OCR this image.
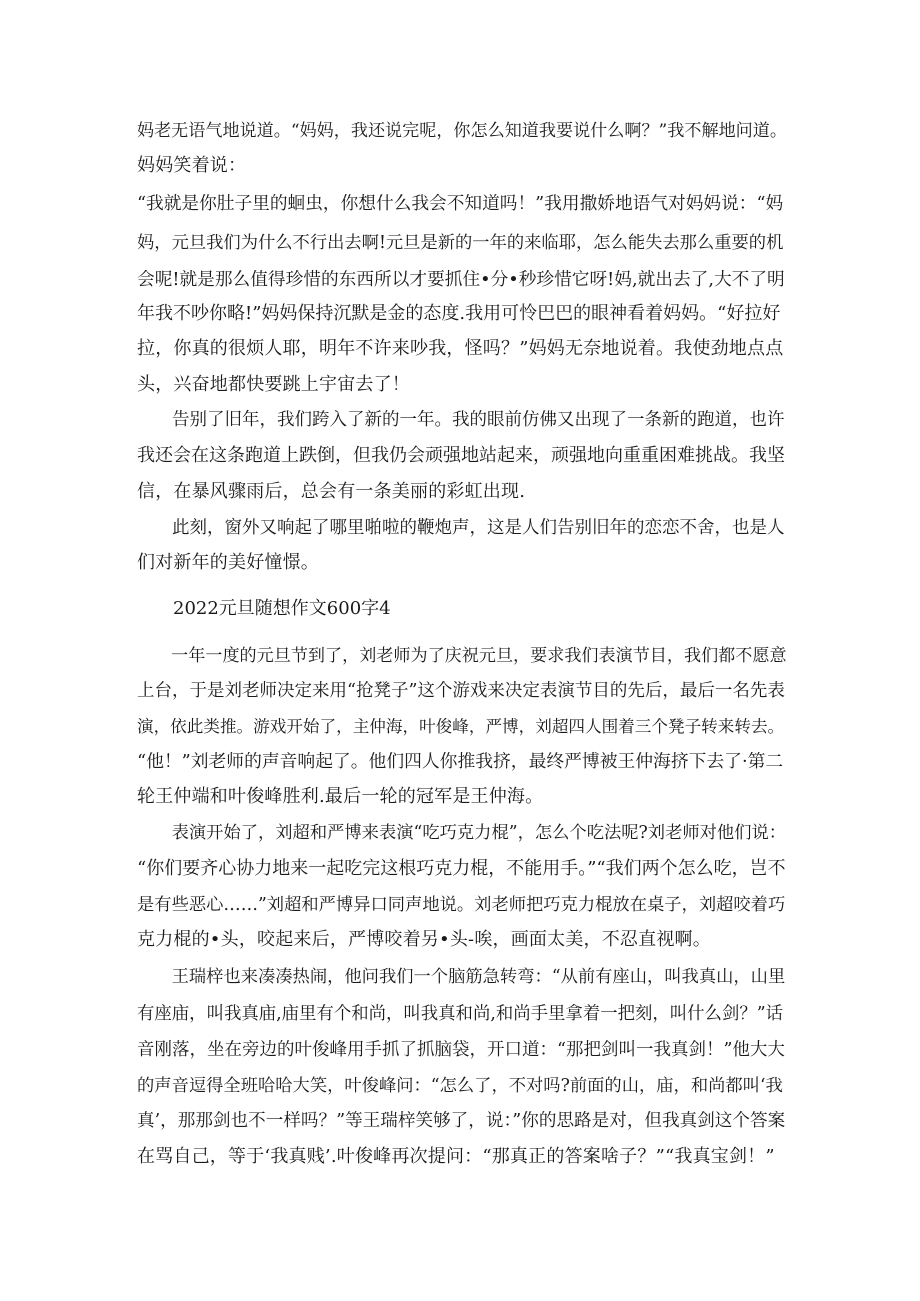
妈老无语气地说道。“妈妈，我还说完呢，你怎么知道我要说什么啊？”我不解地问道。
妈妈笑着说：
“我就是你肚子里的蛔虫，你想什么我会不知道吗！”我用撒娇地语气对妈妈说：“妈
妈，元旦我们为什么不行出去啊!元旦是新的一年的来临耶，怎么能失去那么重要的机
会呢!就是那么值得珍惜的东西所以才要抓住•分•秒珍惜它呀!妈,就出去了,大不了明
年我不吵你略!”妈妈保持沉默是金的态度.我用可怜巴巴的眼神看着妈妈。“好拉好
拉，你真的很烦人耶，明年不许来吵我，怪吗？”妈妈无奈地说着。我使劲地点点
头，兴奋地都快要跳上宇宙去了！
　　告别了旧年，我们跨入了新的一年。我的眼前仿佛又出现了一条新的跑道，也许
我还会在这条跑道上跌倒，但我仍会顽强地站起来，顽强地向重重困难挑战。我坚
信，在暴风骤雨后，总会有一条美丽的彩虹出现.
　　此刻，窗外又响起了哪里啪啦的鞭炮声，这是人们告别旧年的恋恋不舍，也是人
们对新年的美好憧憬。
2022元旦随想作文600字4
　　一年一度的元旦节到了，刘老师为了庆祝元旦，要求我们表演节目，我们都不愿意
上台，于是刘老师决定来用“抢凳子”这个游戏来决定表演节目的先后，最后一名先表
演，依此类推。游戏开始了，主仲海，叶俊峰，严博，刘超四人围着三个凳子转来转去。
“他！”刘老师的声音响起了。他们四人你推我挤，最终严博被王仲海挤下去了·第二
轮王仲端和叶俊峰胜利.最后一轮的冠军是王仲海。
　　表演开始了，刘超和严博来表演“吃巧克力棍”，怎么个吃法呢?刘老师对他们说：
“你们要齐心协力地来一起吃完这根巧克力棍，不能用手。”“我们两个怎么吃，岂不
是有些恶心……”刘超和严博异口同声地说。刘老师把巧克力棍放在桌子，刘超咬着巧
克力棍的•头，咬起来后，严博咬着另•头-唉，画面太美，不忍直视啊。
　　王瑞梓也来凑凑热闹，他问我们一个脑筋急转弯：“从前有座山，叫我真山，山里
有座庙，叫我真庙,庙里有个和尚，叫我真和尚,和尚手里拿着一把刻，叫什么剑？”话
音刚落，坐在旁边的叶俊峰用手抓了抓脑袋，开口道：“那把剑叫一我真剑！”他大大
的声音逗得全班哈哈大笑，叶俊峰问：“怎么了，不对吗?前面的山，庙，和尚都叫‘我
真’，那那剑也不一样吗？”等王瑞梓笑够了，说：”你的思路是对，但我真剑这个答案
在骂自己，等于‘我真贱’.叶俊峰再次提问：“那真正的答案啥子？”“我真宝剑！”
